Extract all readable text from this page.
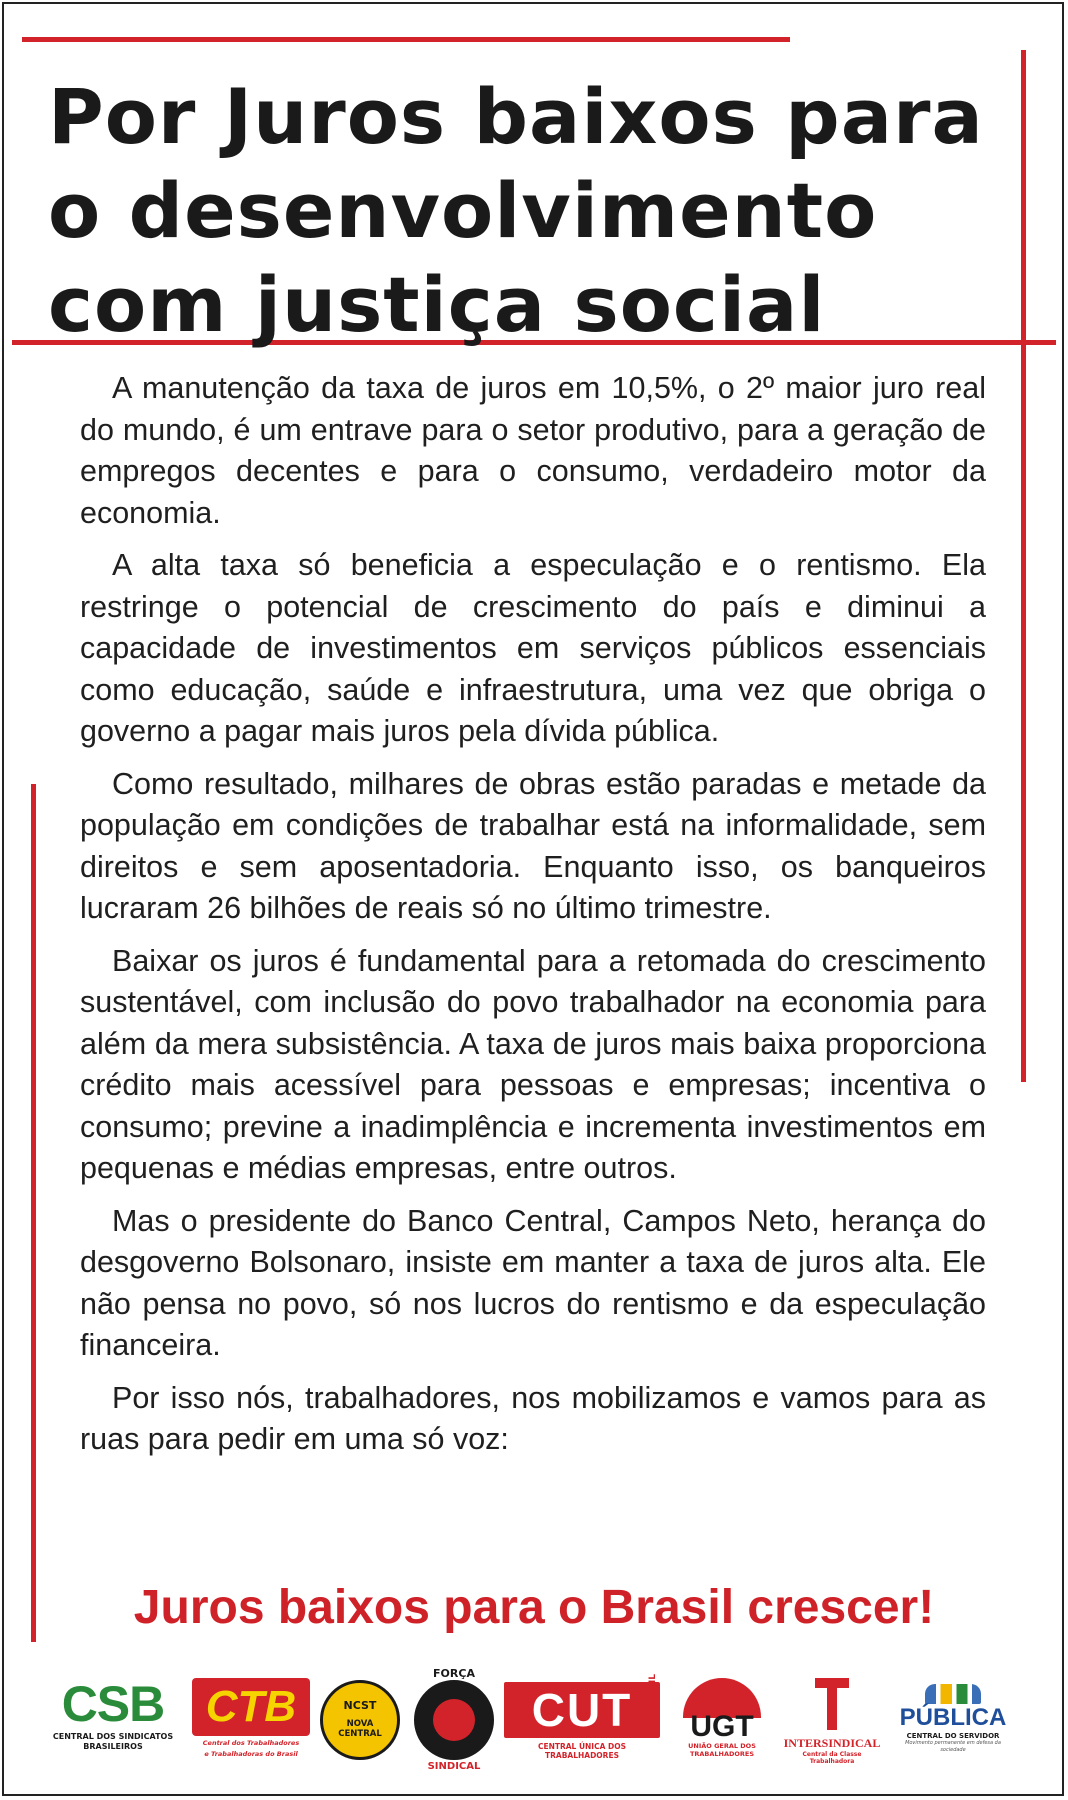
Por Juros baixos para
o desenvolvimento
com justiça social

A manutenção da taxa de juros em 10,5%, o 2º maior juro real do mundo, é um entrave para o setor produtivo, para a geração de empregos decentes e para o consumo, verdadeiro motor da economia.

A alta taxa só beneficia a especulação e o rentismo. Ela restringe o potencial de crescimento do país e diminui a capacidade de investimentos em serviços públicos essenciais como educação, saúde e infraestrutura, uma vez que obriga o governo a pagar mais juros pela dívida pública.

Como resultado, milhares de obras estão paradas e metade da população em condições de trabalhar está na informalidade, sem direitos e sem aposentadoria. Enquanto isso, os banqueiros lucraram 26 bilhões de reais só no último trimestre.

Baixar os juros é fundamental para a retomada do crescimento sustentável, com inclusão do povo trabalhador na economia para além da mera subsistência. A taxa de juros mais baixa proporciona crédito mais acessível para pessoas e empresas; incentiva o consumo; previne a inadimplência e incrementa investimentos em pequenas e médias empresas, entre outros.

Mas o presidente do Banco Central, Campos Neto, herança do desgoverno Bolsonaro, insiste em manter a taxa de juros alta. Ele não pensa no povo, só nos lucros do rentismo e da especulação financeira.

Por isso nós, trabalhadores, nos mobilizamos e vamos para as ruas para pedir em uma só voz:

Juros baixos para o Brasil crescer!
CSB
CENTRAL DOS SINDICATOS
BRASILEIROS
CTB
Central dos Trabalhadores
e Trabalhadoras do Brasil
NCST
NOVA
CENTRAL
FORÇA
SINDICAL
CUT BRASIL
CENTRAL ÚNICA DOS TRABALHADORES
UGT
UNIÃO GERAL DOS
TRABALHADORES
INTERSINDICAL
Central da Classe Trabalhadora
PÚBLICA
CENTRAL DO SERVIDOR
Movimento permanente em defesa da sociedade
